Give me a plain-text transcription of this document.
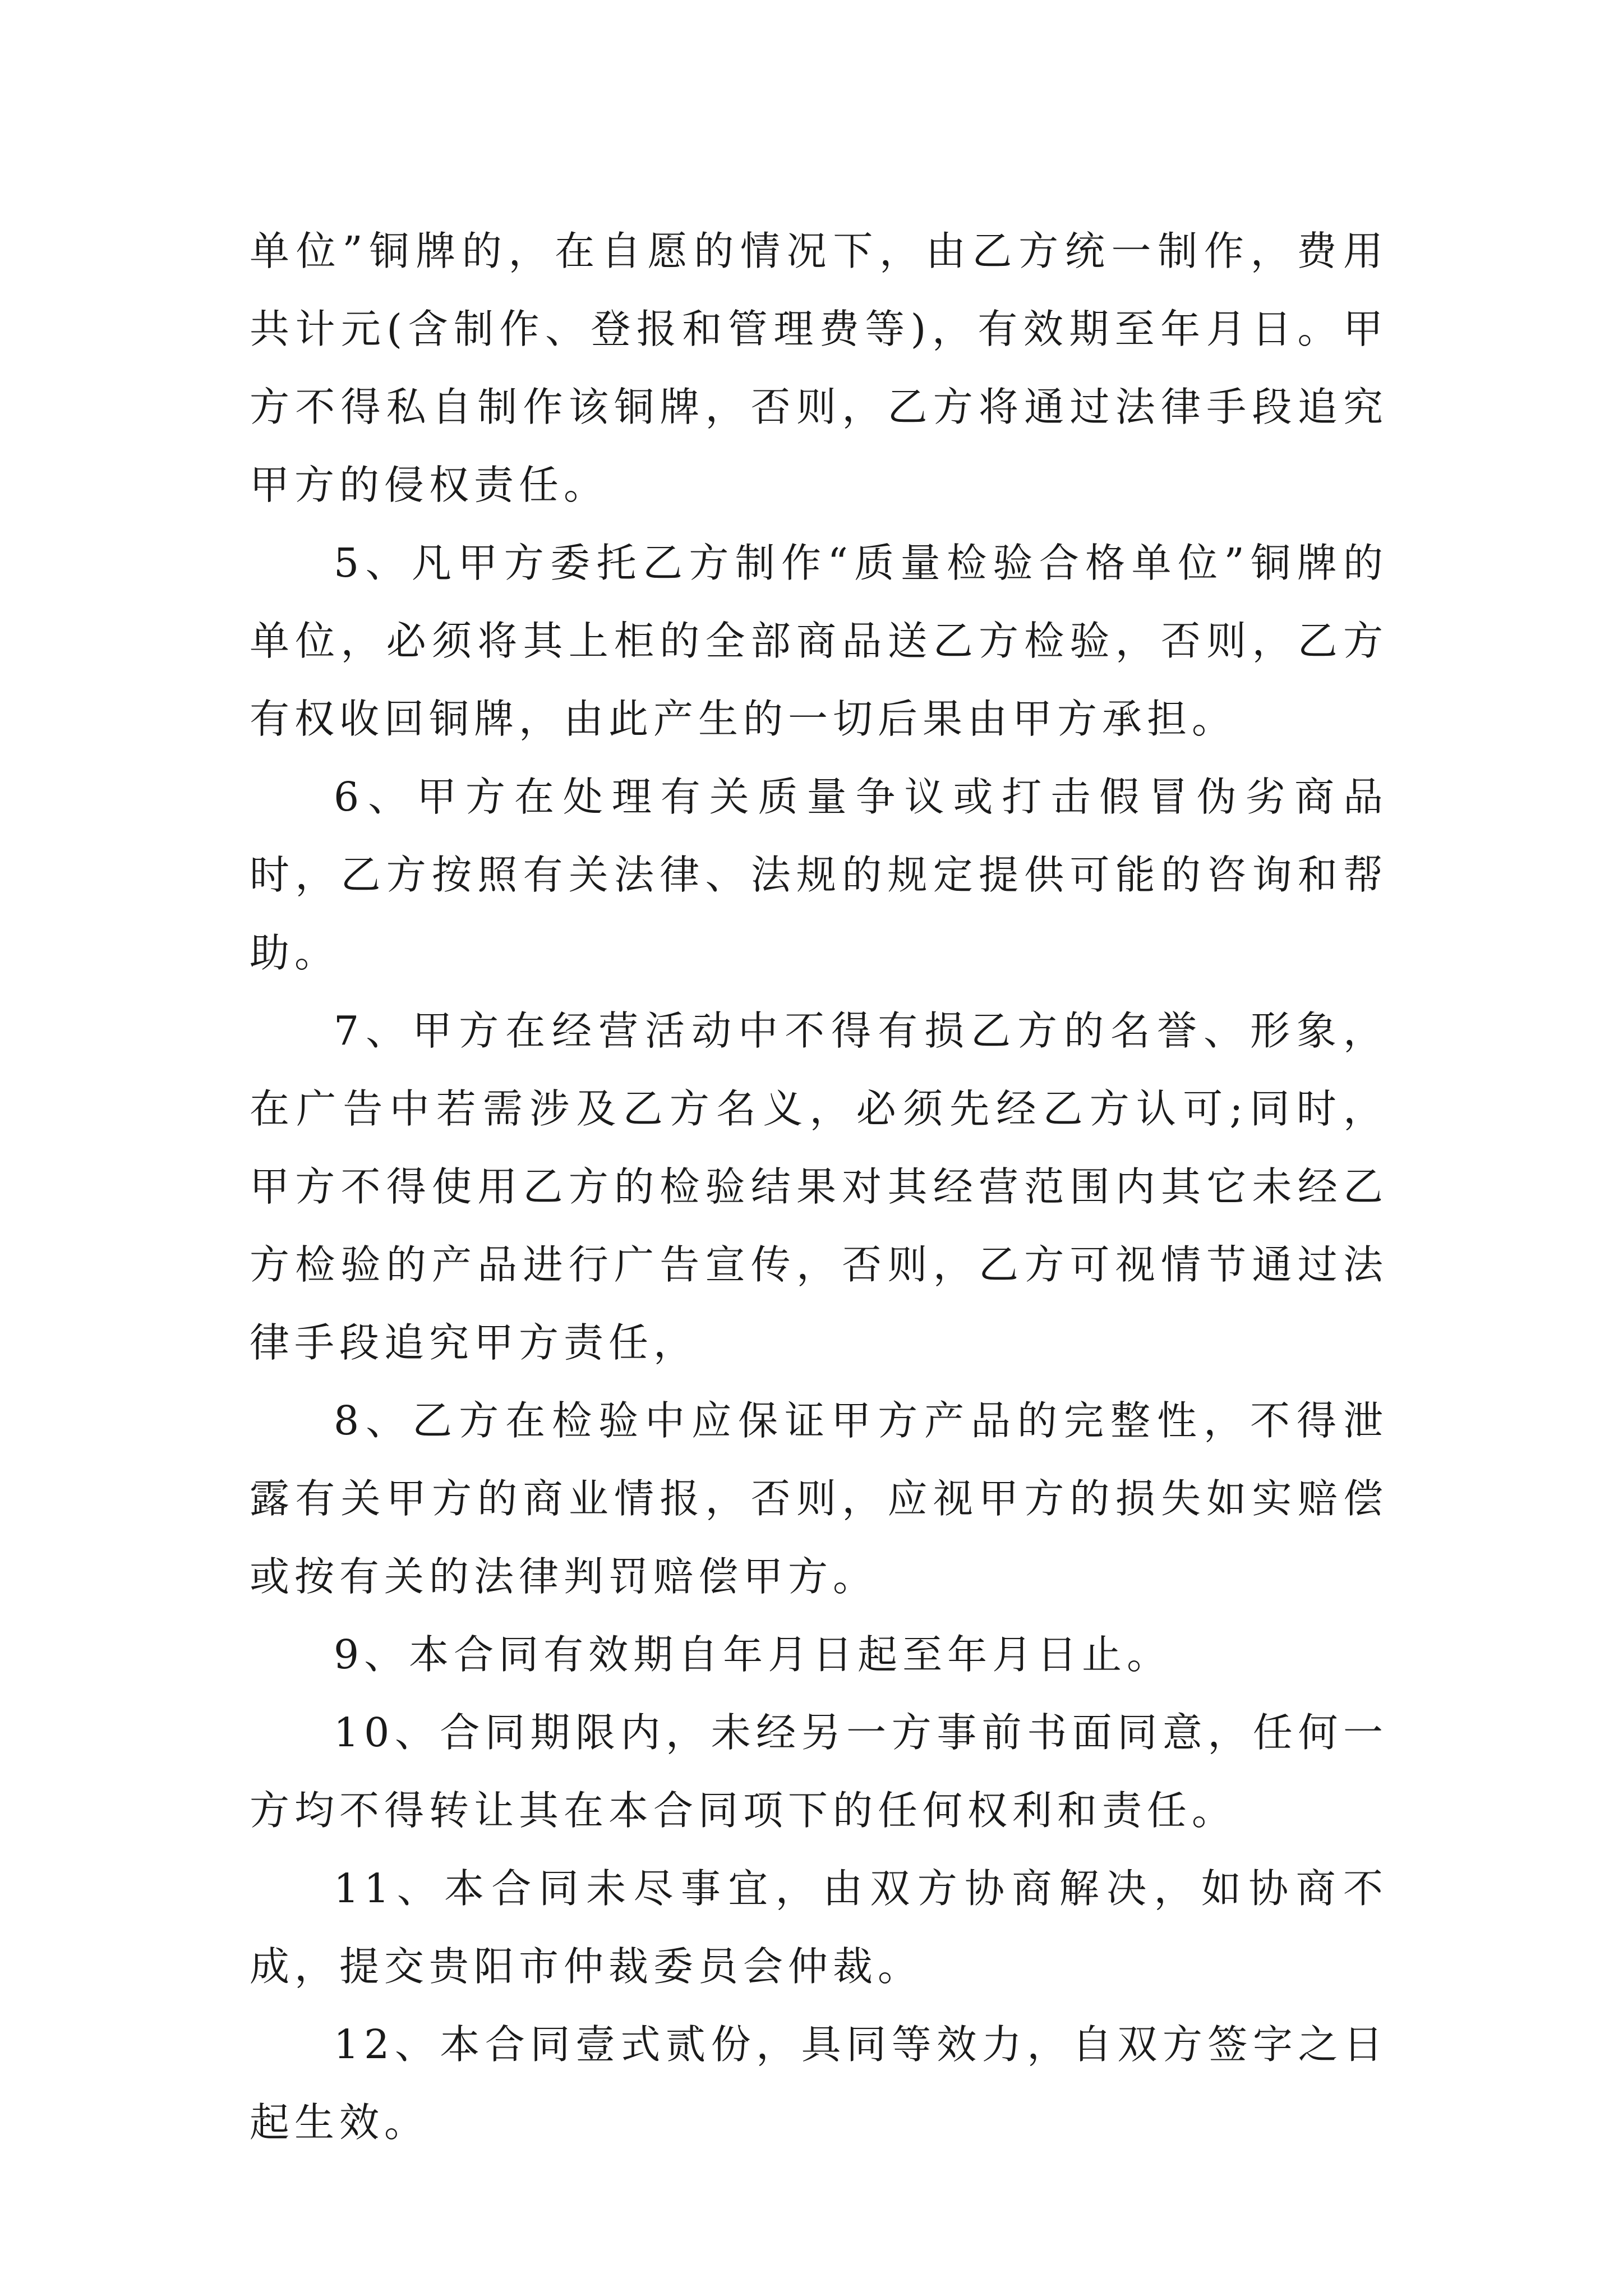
单位”铜牌的，在自愿的情况下，由乙方统一制作，费用共计元(含制作、登报和管理费等)，有效期至年月日。甲方不得私自制作该铜牌，否则，乙方将通过法律手段追究甲方的侵权责任。

5、凡甲方委托乙方制作“质量检验合格单位”铜牌的单位，必须将其上柜的全部商品送乙方检验，否则，乙方有权收回铜牌，由此产生的一切后果由甲方承担。

6、甲方在处理有关质量争议或打击假冒伪劣商品时，乙方按照有关法律、法规的规定提供可能的咨询和帮助。

7、甲方在经营活动中不得有损乙方的名誉、形象，在广告中若需涉及乙方名义，必须先经乙方认可;同时，甲方不得使用乙方的检验结果对其经营范围内其它未经乙方检验的产品进行广告宣传，否则，乙方可视情节通过法律手段追究甲方责任，

8、乙方在检验中应保证甲方产品的完整性，不得泄露有关甲方的商业情报，否则，应视甲方的损失如实赔偿或按有关的法律判罚赔偿甲方。

9、本合同有效期自年月日起至年月日止。

10、合同期限内，未经另一方事前书面同意，任何一方均不得转让其在本合同项下的任何权利和责任。

11、本合同未尽事宜，由双方协商解决，如协商不成，提交贵阳市仲裁委员会仲裁。

12、本合同壹式贰份，具同等效力，自双方签字之日起生效。
